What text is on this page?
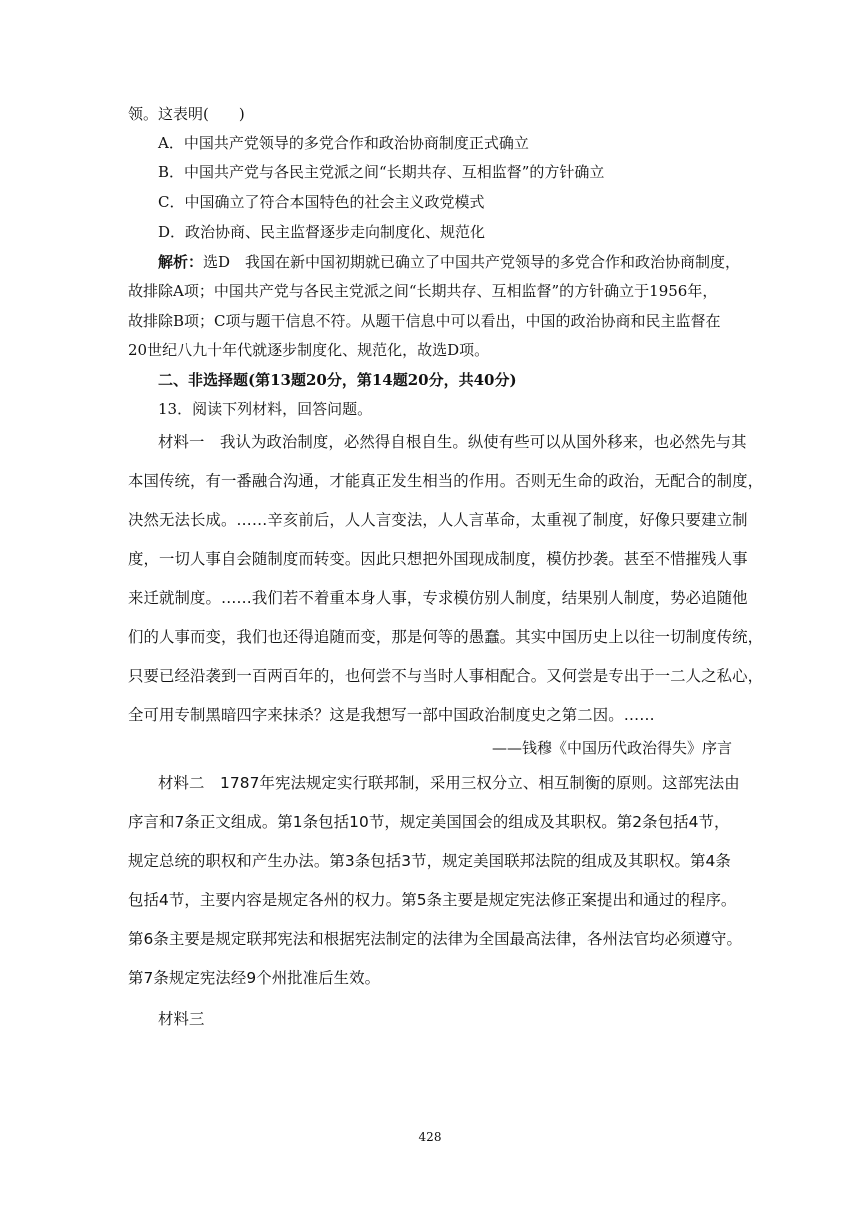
领。这表明(　　)
A．中国共产党领导的多党合作和政治协商制度正式确立
B．中国共产党与各民主党派之间“长期共存、互相监督”的方针确立
C．中国确立了符合本国特色的社会主义政党模式
D．政治协商、民主监督逐步走向制度化、规范化
解析：选D　我国在新中国初期就已确立了中国共产党领导的多党合作和政治协商制度，
故排除A项；中国共产党与各民主党派之间“长期共存、互相监督”的方针确立于1956年，
故排除B项；C项与题干信息不符。从题干信息中可以看出，中国的政治协商和民主监督在
20世纪八九十年代就逐步制度化、规范化，故选D项。
二、非选择题(第13题20分，第14题20分，共40分)
13．阅读下列材料，回答问题。
材料一　我认为政治制度，必然得自根自生。纵使有些可以从国外移来，也必然先与其
本国传统，有一番融合沟通，才能真正发生相当的作用。否则无生命的政治，无配合的制度，
决然无法长成。……辛亥前后，人人言变法，人人言革命，太重视了制度，好像只要建立制
度，一切人事自会随制度而转变。因此只想把外国现成制度，模仿抄袭。甚至不惜摧残人事
来迁就制度。……我们若不着重本身人事，专求模仿别人制度，结果别人制度，势必追随他
们的人事而变，我们也还得追随而变，那是何等的愚蠢。其实中国历史上以往一切制度传统，
只要已经沿袭到一百两百年的，也何尝不与当时人事相配合。又何尝是专出于一二人之私心，
全可用专制黑暗四字来抹杀？这是我想写一部中国政治制度史之第二因。……
——钱穆《中国历代政治得失》序言
材料二　1787年宪法规定实行联邦制，采用三权分立、相互制衡的原则。这部宪法由
序言和7条正文组成。第1条包括10节，规定美国国会的组成及其职权。第2条包括4节，
规定总统的职权和产生办法。第3条包括3节，规定美国联邦法院的组成及其职权。第4条
包括4节，主要内容是规定各州的权力。第5条主要是规定宪法修正案提出和通过的程序。
第6条主要是规定联邦宪法和根据宪法制定的法律为全国最高法律，各州法官均必须遵守。
第7条规定宪法经9个州批准后生效。
材料三
428
